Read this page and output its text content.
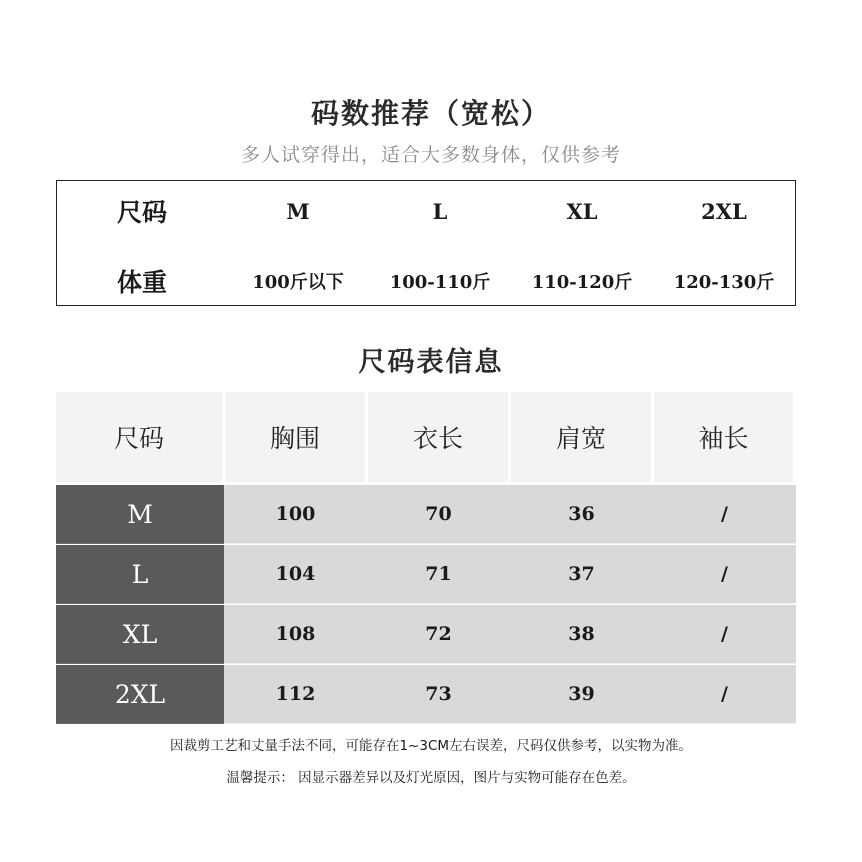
码数推荐（宽松）
多人试穿得出，适合大多数身体，仅供参考
尺码	M	L	XL	2XL
体重	100斤以下	100-110斤	110-120斤	120-130斤
尺码表信息
尺码	胸围	衣长	肩宽	袖长
M	100	70	36	/
L	104	71	37	/
XL	108	72	38	/
2XL	112	73	39	/
因裁剪工艺和丈量手法不同，可能存在1~3CM左右误差，尺码仅供参考，以实物为准。
温馨提示： 因显示器差异以及灯光原因，图片与实物可能存在色差。
